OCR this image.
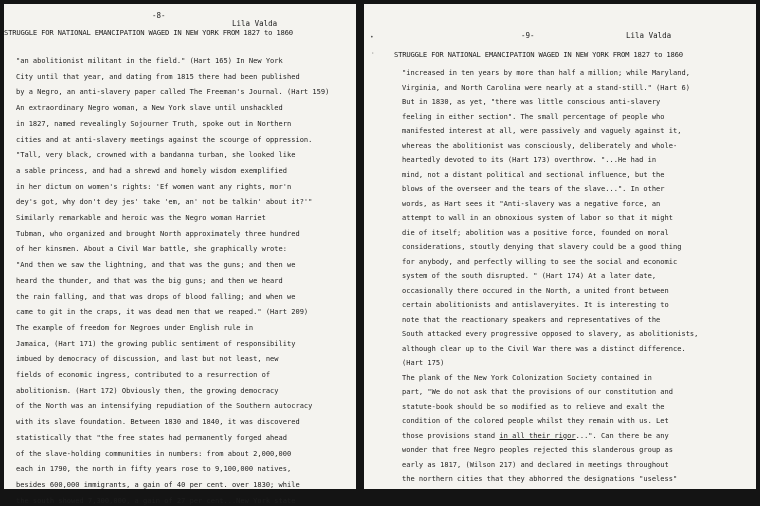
-8-
Lila Valda
STRUGGLE FOR NATIONAL EMANCIPATION WAGED IN NEW YORK FROM 1827 to 1860
"an abolitionist militant in the field." (Hart 165) In New York
City until that year, and dating from 1815 there had been published
by a Negro, an anti-slavery paper called The Freeman's Journal. (Hart 159)
An extraordinary Negro woman, a New York slave until unshackled
in 1827, named revealingly Sojourner Truth, spoke out in Northern
cities and at anti-slavery meetings against the scourge of oppression.
"Tall, very black, crowned with a bandanna turban, she looked like
a sable princess, and had a shrewd and homely wisdom exemplified
in her dictum on women's rights: 'Ef women want any rights, mor'n
dey's got, why don't dey jes' take 'em, an' not be talkin' about it?'"
Similarly remarkable and heroic was the Negro woman Harriet
Tubman, who organized and brought North approximately three hundred
of her kinsmen. About a Civil War battle, she graphically wrote:
"And then we saw the lightning, and that was the guns; and then we
heard the thunder, and that was the big guns; and then we heard
the rain falling, and that was drops of blood falling; and when we
came to git in the craps, it was dead men that we reaped." (Hart 209)
The example of freedom for Negroes under English rule in
Jamaica, (Hart 171) the growing public sentiment of responsibility
imbued by democracy of discussion, and last but not least, new
fields of economic ingress, contributed to a resurrection of
abolitionism. (Hart 172) Obviously then, the growing democracy
of the North was an intensifying repudiation of the Southern autocracy
with its slave foundation. Between 1830 and 1840, it was discovered
statistically that "the free states had permanently forged ahead
of the slave-holding communities in numbers: from about 2,000,000
each in 1790, the north in fifty years rose to 9,100,000 natives,
besides 600,000 immigrants, a gain of 40 per cent. over 1830; while
the south showed 7,300,000, a gain of 27 per cent...New York state
•
·
-9-	Lila Valda
STRUGGLE FOR NATIONAL EMANCIPATION WAGED IN NEW YORK FROM 1827 to 1860
"increased in ten years by more than half a million; while Maryland,
Virginia, and North Carolina were nearly at a stand-still." (Hart 6)
But in 1830, as yet, "there was little conscious anti-slavery
feeling in either section". The small percentage of people who
manifested interest at all, were passively and vaguely against it,
whereas the abolitionist was consciously, deliberately and whole-
heartedly devoted to its (Hart 173) overthrow. "...He had in
mind, not a distant political and sectional influence, but the
blows of the overseer and the tears of the slave...". In other
words, as Hart sees it "Anti-slavery was a negative force, an
attempt to wall in an obnoxious system of labor so that it might
die of itself; abolition was a positive force, founded on moral
considerations, stoutly denying that slavery could be a good thing
for anybody, and perfectly willing to see the social and economic
system of the south disrupted. " (Hart 174) At a later date,
occasionally there occured in the North, a united front between
certain abolitionists and antislaveryites. It is interesting to
note that the reactionary speakers and representatives of the
South attacked every progressive opposed to slavery, as abolitionists,
although clear up to the Civil War there was a distinct difference.
(Hart 175)
The plank of the New York Colonization Society contained in
part, "We do not ask that the provisions of our constitution and
statute-book should be so modified as to relieve and exalt the
condition of the colored people whilst they remain with us. Let
those provisions stand in all their rigor...". Can there be any
wonder that free Negro peoples rejected this slanderous group as
early as 1817, (Wilson 217) and declared in meetings throughout
the northern cities that they abhorred the designations "useless"
